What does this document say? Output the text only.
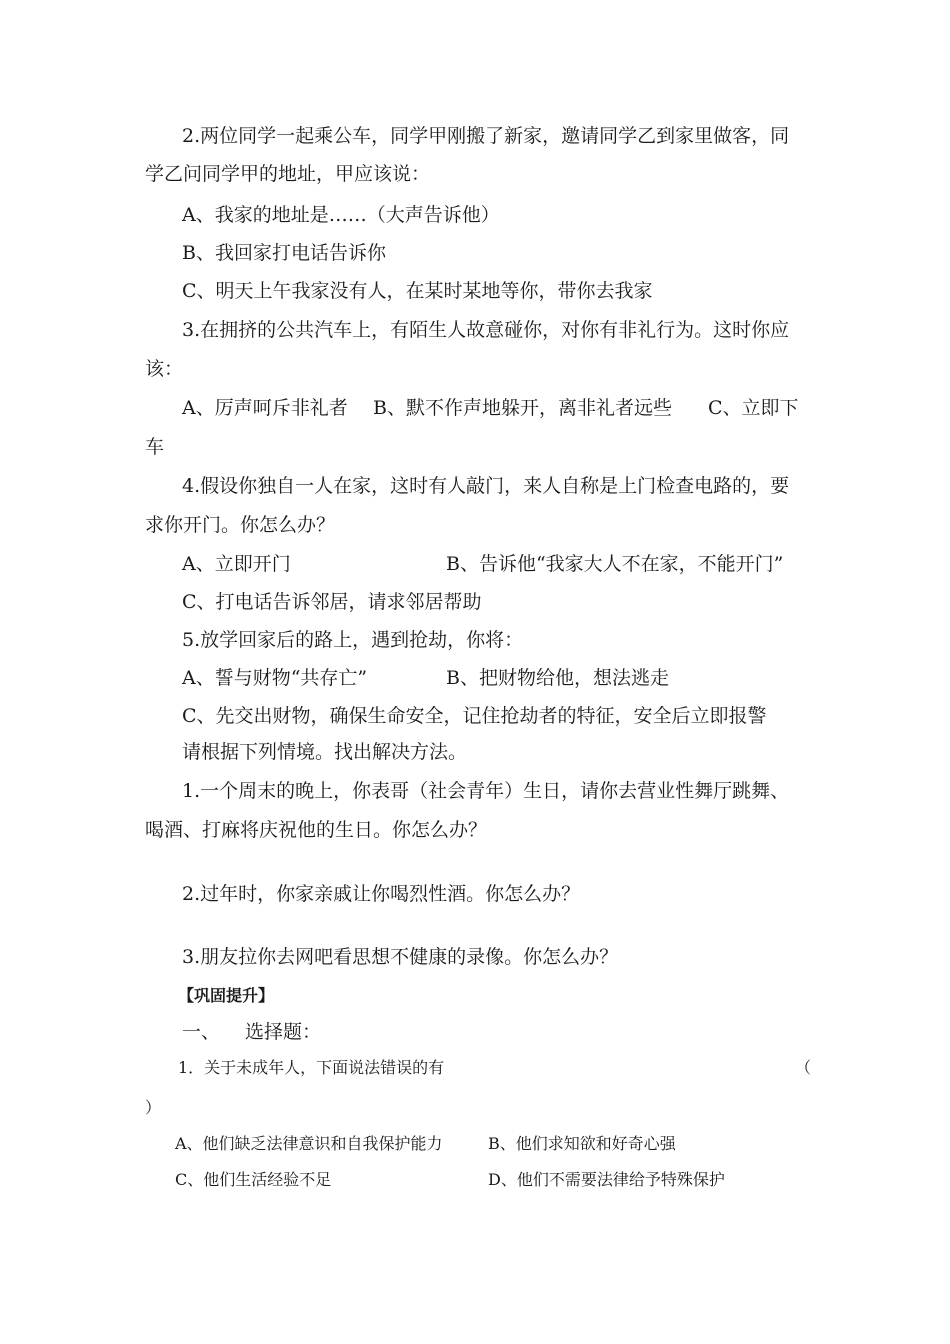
2.两位同学一起乘公车，同学甲刚搬了新家，邀请同学乙到家里做客，同

学乙问同学甲的地址，甲应该说：

A、我家的地址是……（大声告诉他）

B、我回家打电话告诉你

C、明天上午我家没有人，在某时某地等你，带你去我家

3.在拥挤的公共汽车上，有陌生人故意碰你，对你有非礼行为。这时你应

该：

A、厉声呵斥非礼者 B、默不作声地躲开，离非礼者远些 C、立即下

车

4.假设你独自一人在家，这时有人敲门，来人自称是上门检查电路的，要

求你开门。你怎么办？

A、立即开门	B、告诉他“我家大人不在家，不能开门”

C、打电话告诉邻居，请求邻居帮助

5.放学回家后的路上，遇到抢劫，你将：

A、誓与财物“共存亡”	B、把财物给他，想法逃走

C、先交出财物，确保生命安全，记住抢劫者的特征，安全后立即报警

请根据下列情境。找出解决方法。

1.一个周末的晚上，你表哥（社会青年）生日，请你去营业性舞厅跳舞、

喝酒、打麻将庆祝他的生日。你怎么办？

2.过年时，你家亲戚让你喝烈性酒。你怎么办？

3.朋友拉你去网吧看思想不健康的录像。你怎么办？

【巩固提升】

一、 选择题：

1．关于未成年人，下面说法错误的有	（

）

A、他们缺乏法律意识和自我保护能力	B、他们求知欲和好奇心强

C、他们生活经验不足	D、他们不需要法律给予特殊保护
